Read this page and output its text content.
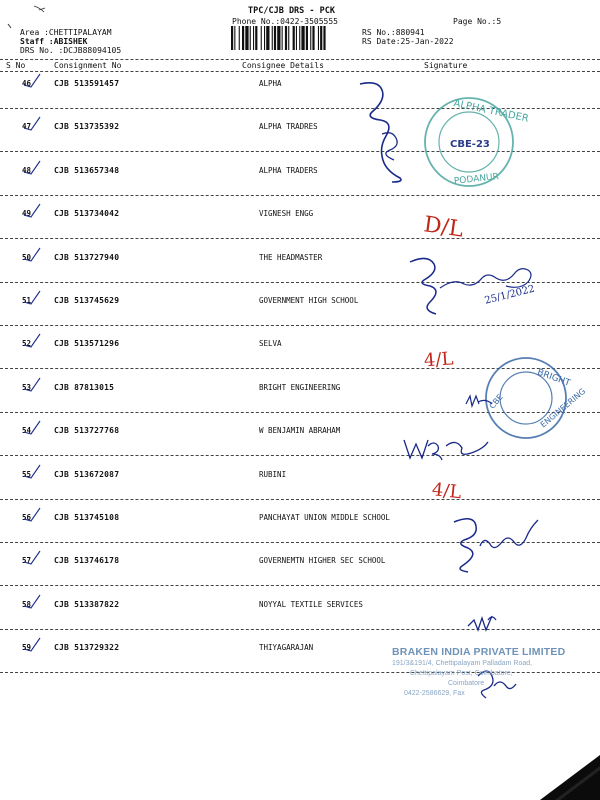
TPC/CJB DRS - PCK
Phone No.:0422-3505555
Area :CHETTIPALAYAM
Staff :ABISHEK
DRS No. :DCJB88094105
RS No.:880941
RS Date:25-Jan-2022
Page No.:5
S No	Consignment No	Consignee Details	Signature
46	CJB 513591457	ALPHA
47	CJB 513735392	ALPHA TRADRES
48	CJB 513657348	ALPHA TRADERS
49	CJB 513734042	VIGNESH ENGG
50	CJB 513727940	THE HEADMASTER
51	CJB 513745629	GOVERNMENT HIGH SCHOOL
52	CJB 513571296	SELVA
53	CJB 87813015	BRIGHT ENGINEERING
54	CJB 513727768	W BENJAMIN ABRAHAM
55	CJB 513672087	RUBINI
56	CJB 513745108	PANCHAYAT UNION MIDDLE SCHOOL
57	CJB 513746178	GOVERNEMTN HIGHER SEC SCHOOL
58	CJB 513387822	NOYYAL TEXTILE SERVICES
59	CJB 513729322	THIYAGARAJAN
ALPHA TRADER
PODANUR
CBE-23
D/L
25/1/2022
4/L
BRIGHT
ENGINEERING
CBE
4/L
BRAKEN INDIA PRIVATE LIMITED
191/3&191/4, Chettipalayam Palladam Road,
Chettipalayam Post, Coimbatore,
Coimbatore
0422-2586629, Fax
